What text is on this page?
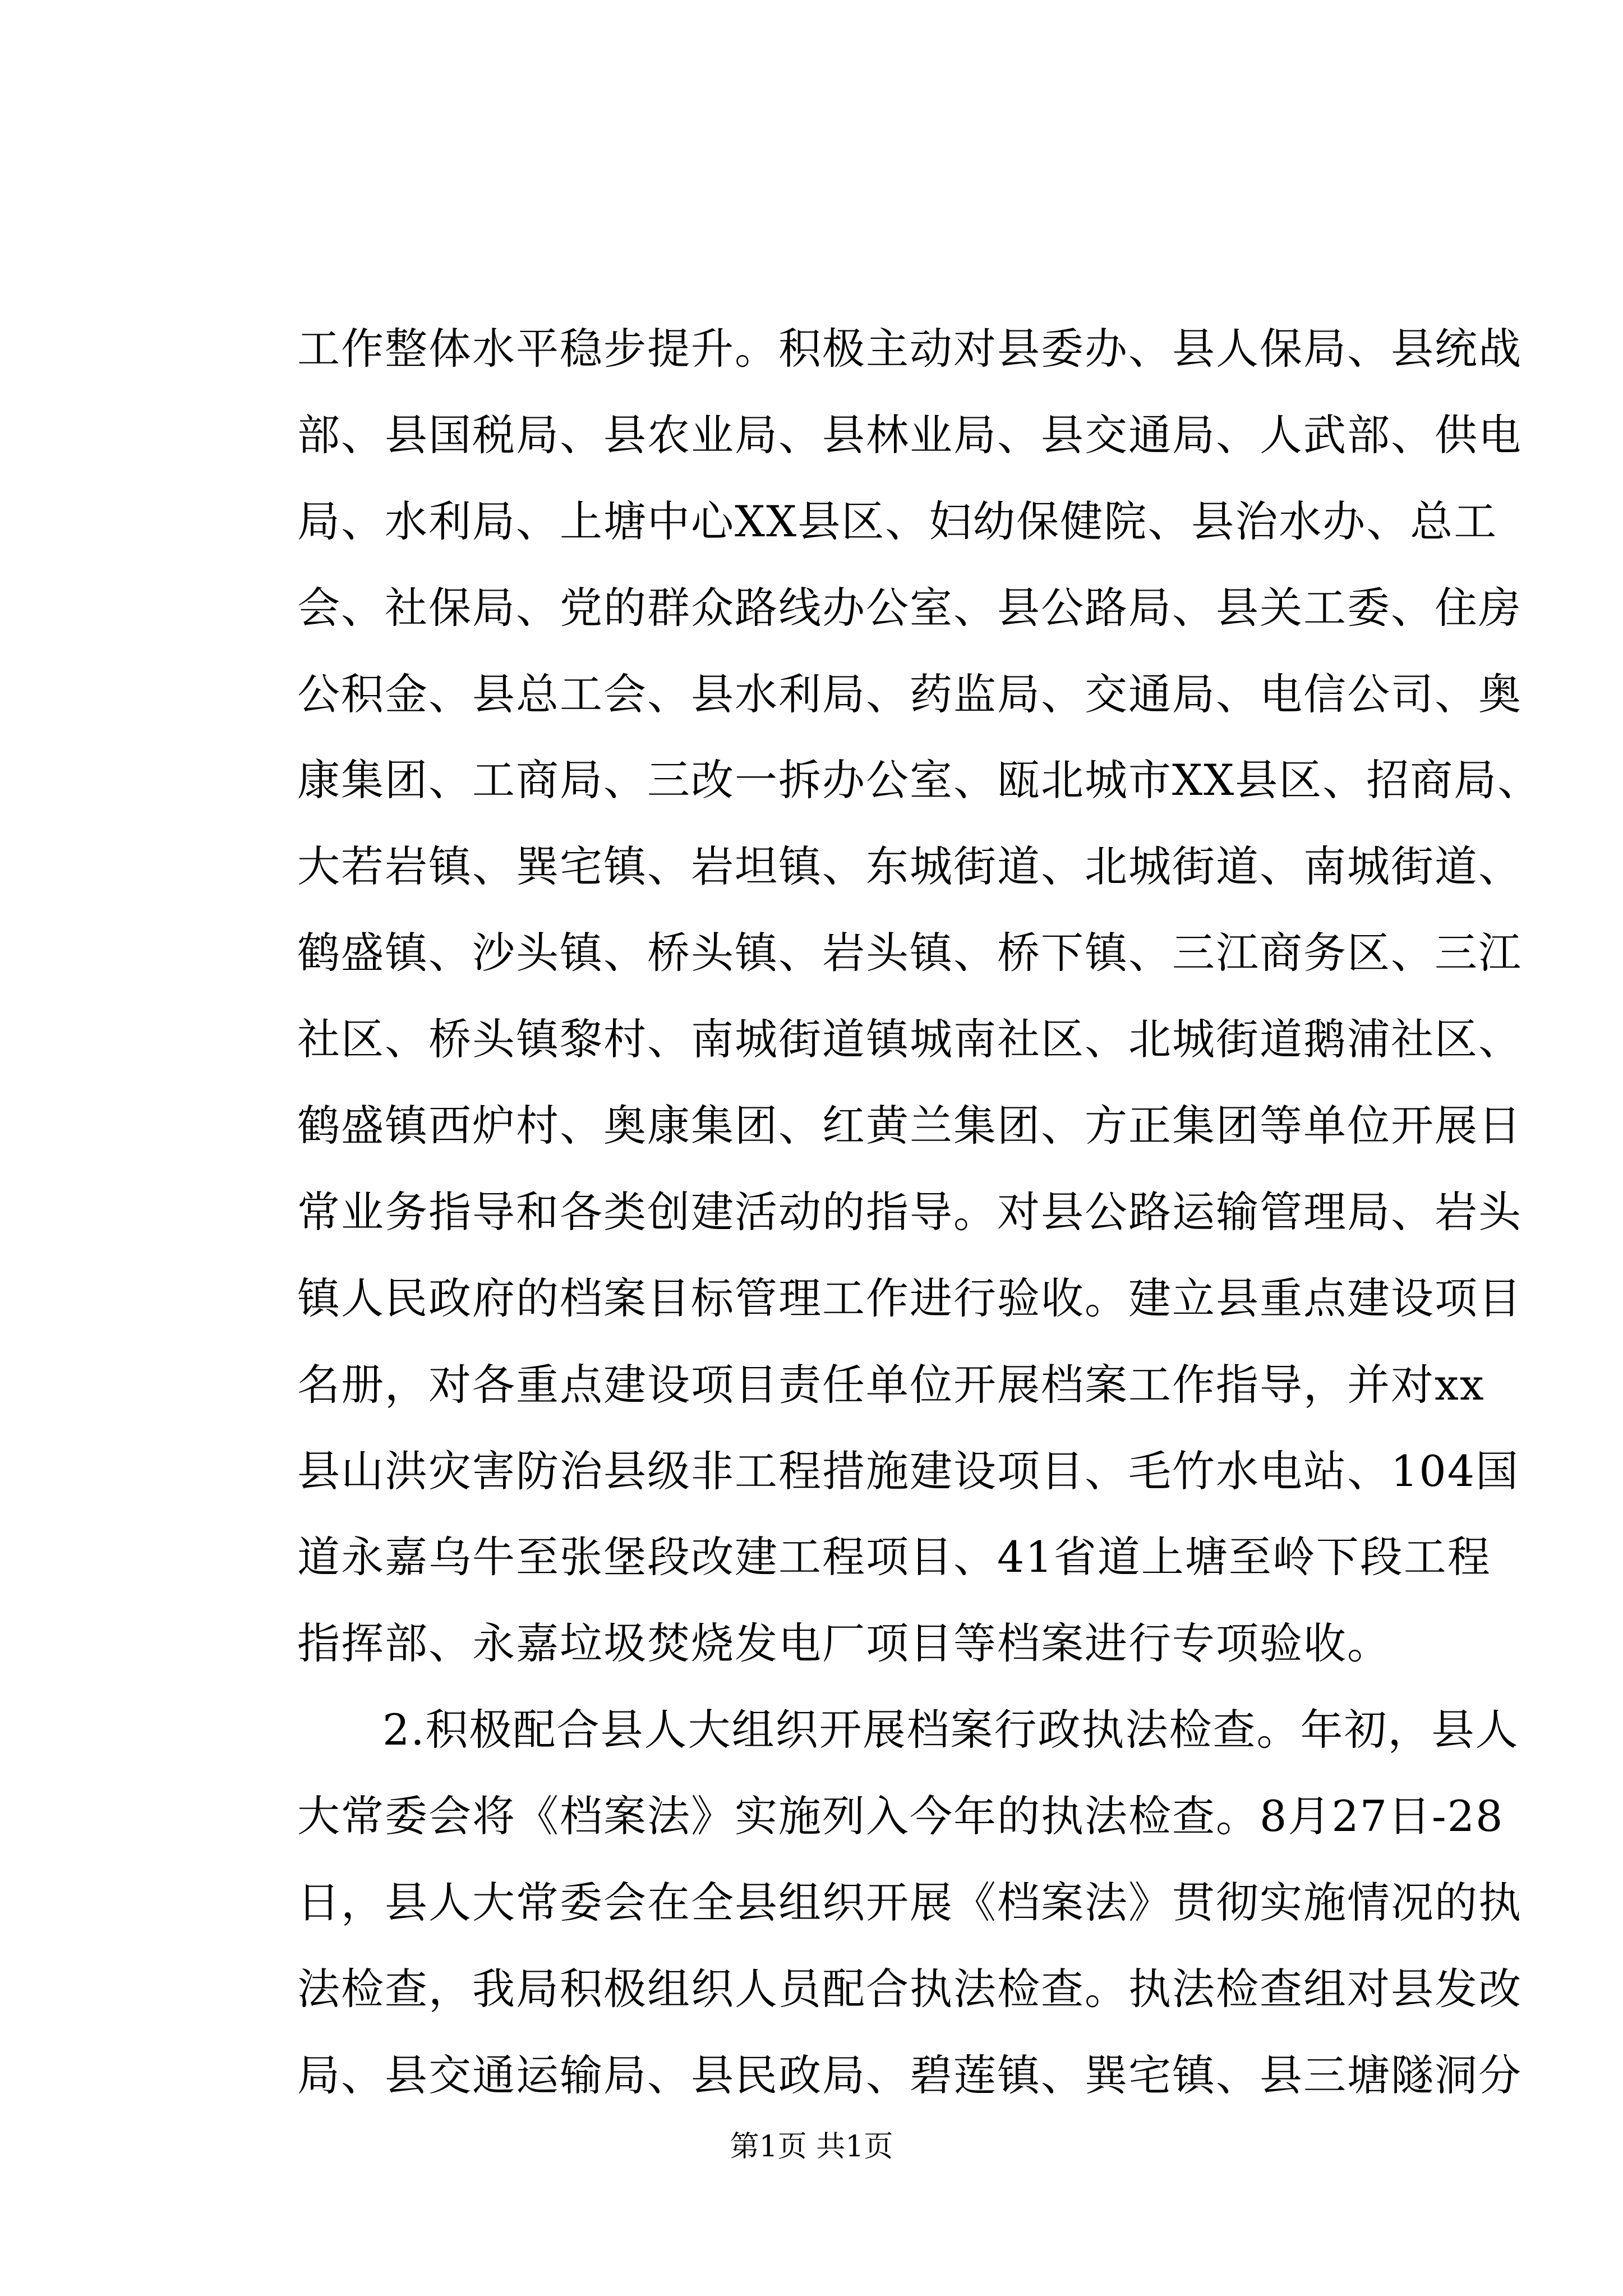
工作整体水平稳步提升。积极主动对县委办、县人保局、县统战
部、县国税局、县农业局、县林业局、县交通局、人武部、供电
局、水利局、上塘中心XX县区、妇幼保健院、县治水办、总工
会、社保局、党的群众路线办公室、县公路局、县关工委、住房
公积金、县总工会、县水利局、药监局、交通局、电信公司、奥
康集团、工商局、三改一拆办公室、瓯北城市XX县区、招商局、
大若岩镇、巽宅镇、岩坦镇、东城街道、北城街道、南城街道、
鹤盛镇、沙头镇、桥头镇、岩头镇、桥下镇、三江商务区、三江
社区、桥头镇黎村、南城街道镇城南社区、北城街道鹅浦社区、
鹤盛镇西炉村、奥康集团、红黄兰集团、方正集团等单位开展日
常业务指导和各类创建活动的指导。对县公路运输管理局、岩头
镇人民政府的档案目标管理工作进行验收。建立县重点建设项目
名册，对各重点建设项目责任单位开展档案工作指导，并对xx
县山洪灾害防治县级非工程措施建设项目、毛竹水电站、104国
道永嘉乌牛至张堡段改建工程项目、41省道上塘至岭下段工程
指挥部、永嘉垃圾焚烧发电厂项目等档案进行专项验收。
2.积极配合县人大组织开展档案行政执法检查。年初，县人
大常委会将《档案法》实施列入今年的执法检查。8月27日-28
日，县人大常委会在全县组织开展《档案法》贯彻实施情况的执
法检查，我局积极组织人员配合执法检查。执法检查组对县发改
局、县交通运输局、县民政局、碧莲镇、巽宅镇、县三塘隧洞分
第1页 共1页
